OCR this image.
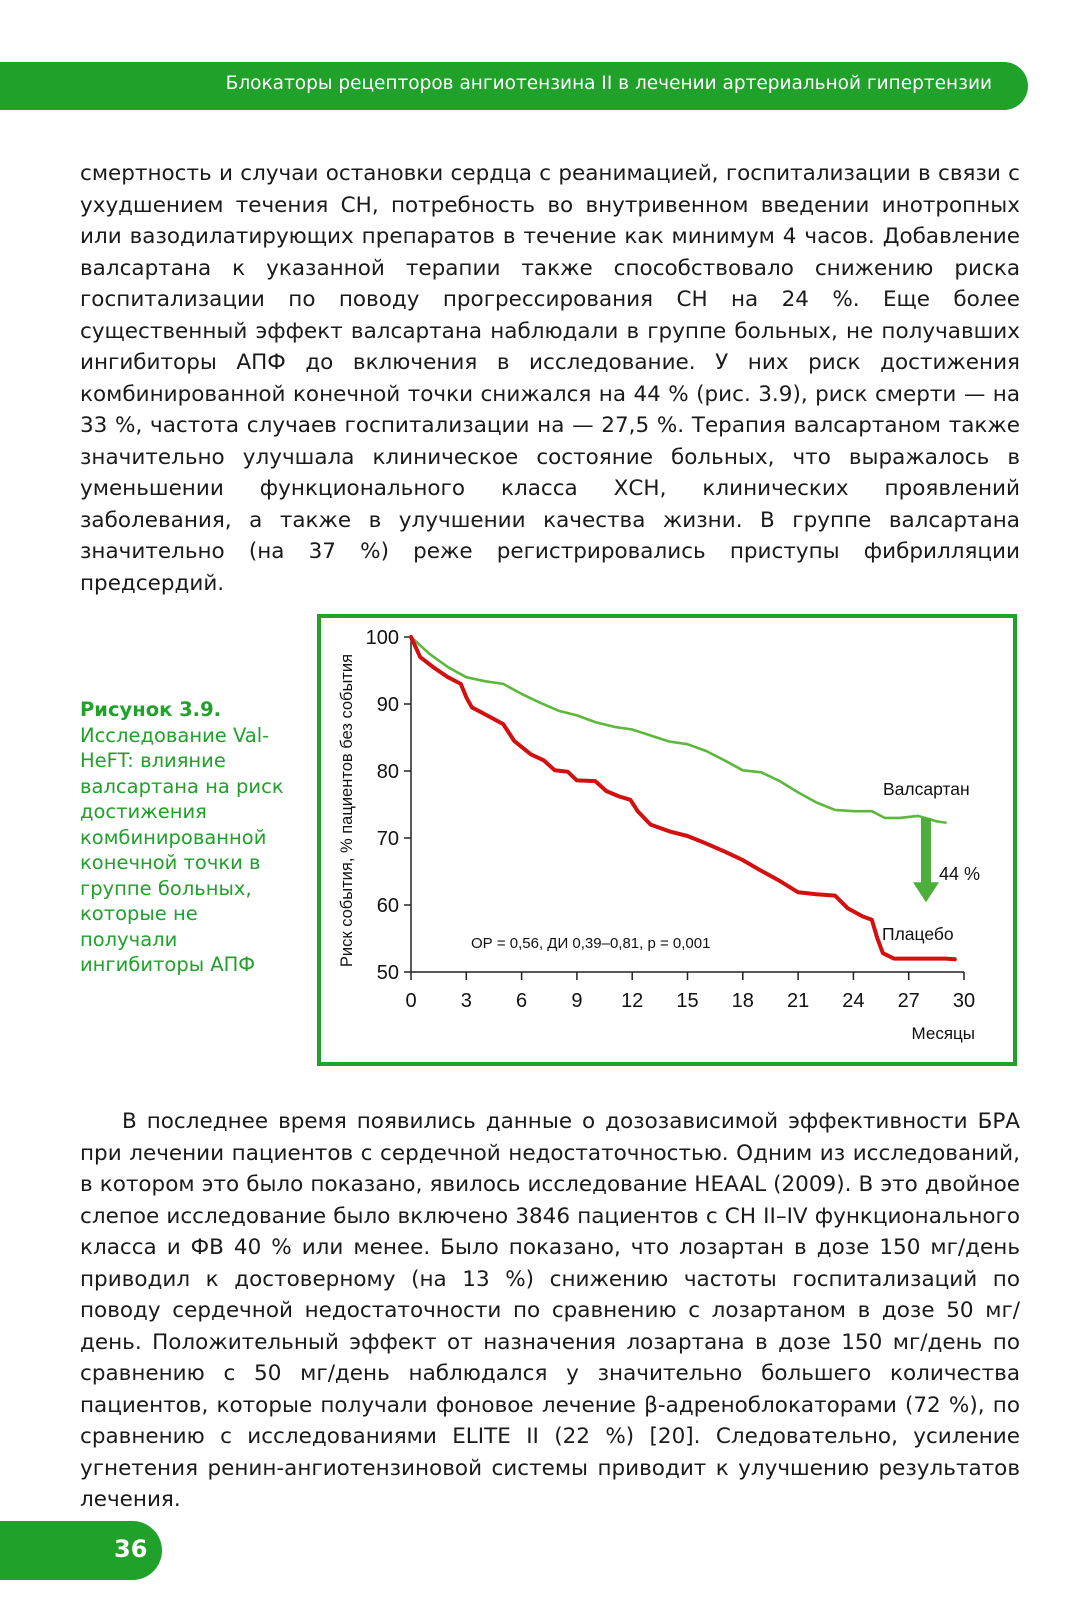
Блокаторы рецепторов ангиотензина II в лечении артериальной гипертензии

смертность и случаи остановки сердца с реанимацией, госпитализации в связи с ухудшением течения СН, потребность во внутривенном введении инотропных или вазодилатирующих препаратов в течение как минимум 4 часов. Добавление валсартана к указанной терапии также способствовало снижению риска госпитализации по поводу прогрессирования СН на 24 %. Еще более существенный эффект валсартана наблюдали в группе больных, не получавших ингибиторы АПФ до включения в исследование. У них риск достижения комбинированной конечной точки снижался на 44 % (рис. 3.9), риск смерти — на 33 %, частота случаев госпитализации на — 27,5 %. Терапия валсартаном также значительно улучшала клиническое состояние больных, что выражалось в уменьшении функционального класса ХСН, клинических проявлений заболевания, а также в улучшении качества жизни. В группе валсартана значительно (на 37 %) реже регистрировались приступы фибрилляции предсердий.

Рисунок 3.9.
Исследование Val-HeFT: влияние валсартана на риск достижения комбинированной конечной точки в группе больных, которые не получали ингибиторы АПФ	50
60
70
80
90
100
0 3 6 9 12 15 18 21 24 27 30
Месяцы
Риск события, % пациентов без события	Валсартан
Плацебо
44 %
ОР = 0,56, ДИ 0,39–0,81, p = 0,001

В последнее время появились данные о дозозависимой эффективности БРА при лечении пациентов с сердечной недостаточностью. Одним из исследований, в котором это было показано, явилось исследование HEAAL (2009). В это двойное слепое исследование было включено 3846 пациентов с СН II–IV функционального класса и ФВ 40 % или менее. Было показано, что лозартан в дозе 150 мг/день приводил к достоверному (на 13 %) снижению частоты госпитализаций по поводу сердечной недостаточности по сравнению с лозартаном в дозе 50 мг/день. Положительный эффект от назначения лозартана в дозе 150 мг/день по сравнению с 50 мг/день наблюдался у значительно большего количества пациентов, которые получали фоновое лечение β-адреноблокаторами (72 %), по сравнению с исследованиями ELITE II (22 %) [20]. Следовательно, усиление угнетения ренин-ангиотензиновой системы приводит к улучшению результатов лечения.

36
